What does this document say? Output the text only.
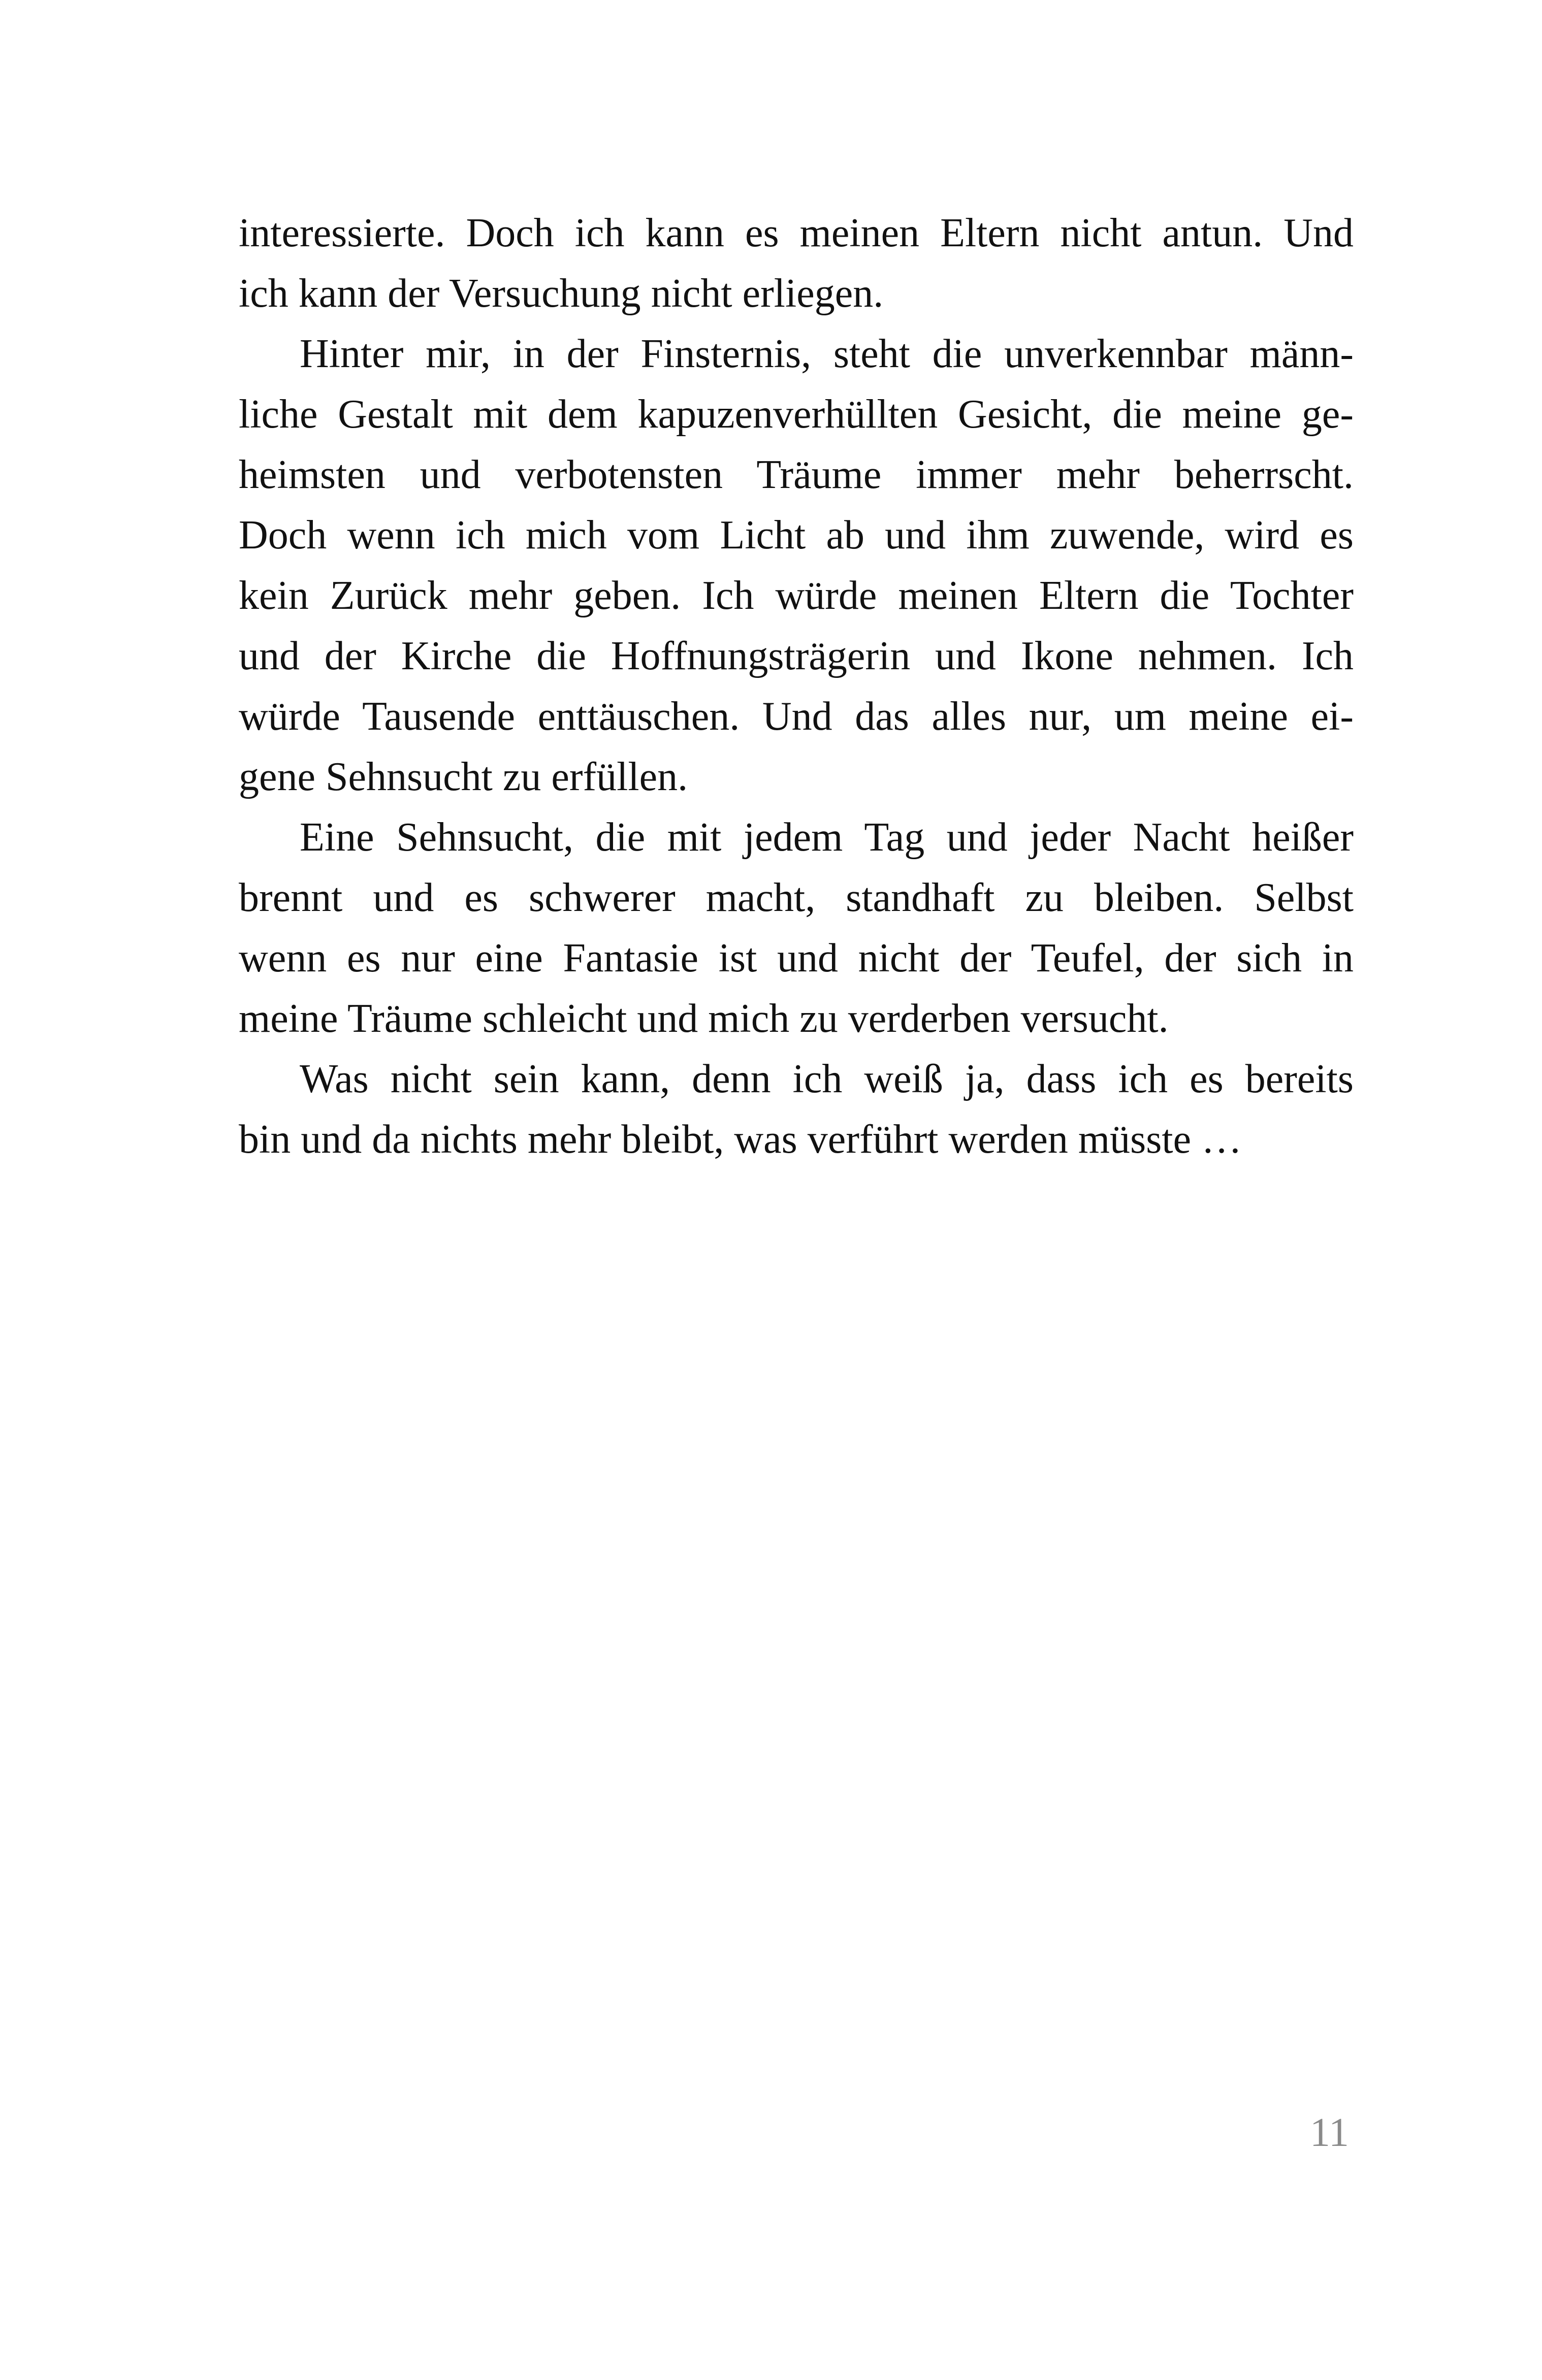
interessierte. Doch ich kann es meinen Eltern nicht antun. Und
ich kann der Versuchung nicht erliegen.
Hinter mir, in der Finsternis, steht die unverkennbar männ-
liche Gestalt mit dem kapuzenverhüllten Gesicht, die meine ge-
heimsten und verbotensten Träume immer mehr beherrscht.
Doch wenn ich mich vom Licht ab und ihm zuwende, wird es
kein Zurück mehr geben. Ich würde meinen Eltern die Tochter
und der Kirche die Hoffnungsträgerin und Ikone nehmen. Ich
würde Tausende enttäuschen. Und das alles nur, um meine ei-
gene Sehnsucht zu erfüllen.
Eine Sehnsucht, die mit jedem Tag und jeder Nacht heißer
brennt und es schwerer macht, standhaft zu bleiben. Selbst
wenn es nur eine Fantasie ist und nicht der Teufel, der sich in
meine Träume schleicht und mich zu verderben versucht.
Was nicht sein kann, denn ich weiß ja, dass ich es bereits
bin und da nichts mehr bleibt, was verführt werden müsste …
11
